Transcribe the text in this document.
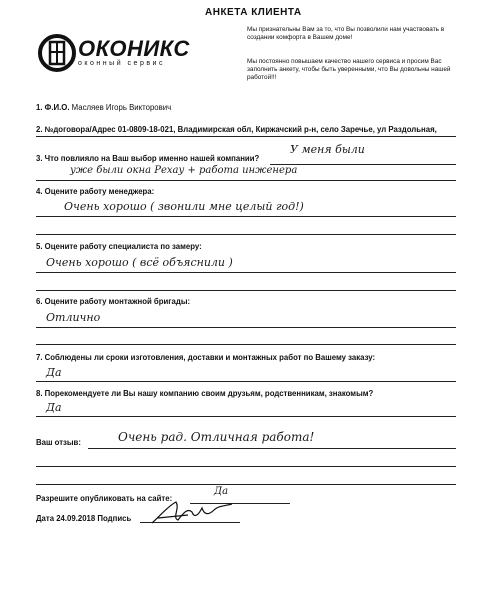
АНКЕТА КЛИЕНТА
Мы признательны Вам за то, что Вы позволили нам участвовать в создании комфорта в Вашем доме!
Мы постоянно повышаем качество нашего сервиса и просим Вас заполнить анкету, чтобы быть уверенными, что Вы довольны нашей работой!!!
ОКОНИКС
оконный сервис
1. Ф.И.О. Масляев Игорь Викторович
2. №договора/Адрес 01-0809-18-021, Владимирская обл, Киржачский р-н, село Заречье, ул Раздольная,
3. Что повлияло на Ваш выбор именно нашей компании?
У меня были
уже были окна Рехау + работа инженера
4. Оцените работу менеджера:
Очень хорошо ( звонили мне целый год!)
5. Оцените работу специалиста по замеру:
Очень хорошо ( всё объяснили )
6. Оцените работу монтажной бригады:
Отлично
7. Соблюдены ли сроки изготовления, доставки и монтажных работ по Вашему заказу:
Да
8. Порекомендуете ли Вы нашу компанию своим друзьям, родственникам, знакомым?
Да
Ваш отзыв:	Очень рад. Отличная работа!
Разрешите опубликовать на сайте:
Да
Дата 24.09.2018 Подпись
